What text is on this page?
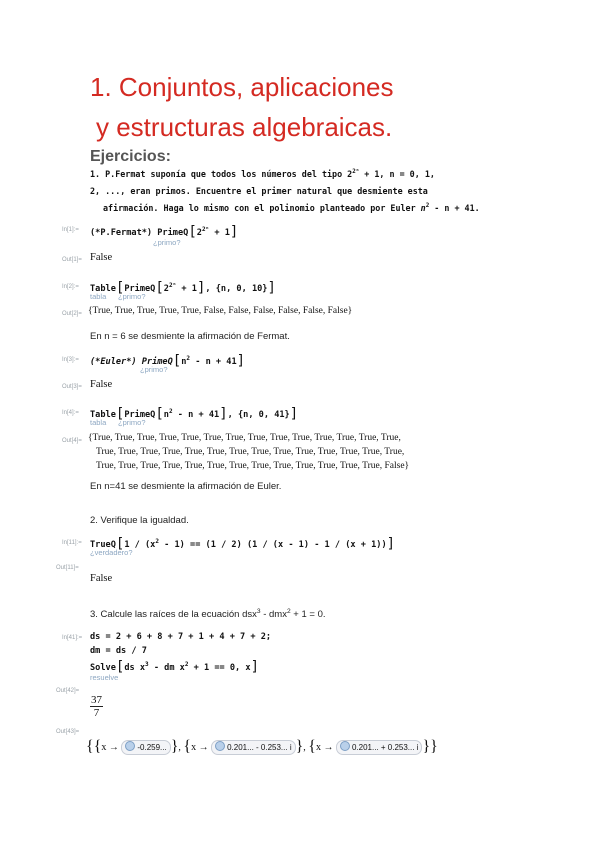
1. Conjuntos, aplicaciones
y estructuras algebraicas.
Ejercicios:
1. P.Fermat suponía que todos los números del tipo $2^{2^n} + 1$, n = 0, 1,
2, ..., eran primos. Encuentre el primer natural que desmiente esta
afirmación. Haga lo mismo con el polinomio planteado por Euler $n^2 - n + 41$.
In[1]:= (*P.Fermat*) $PrimeQ[2^{2^n} + 1]$
¿primo?
Out[1]= False
In[2]:= $Table[PrimeQ[2^{2^n} + 1]$, {n, 0, 10}]
tabla ¿primo?
Out[2]= {True, True, True, True, True, False, False, False, False, False, False}
En n = 6 se desmiente la afirmación de Fermat.
In[3]:= (*Euler*) $PrimeQ[n^2 - n + 41]$
¿primo?
Out[3]= False
In[4]:= $Table[PrimeQ[n^2 - n + 41]$, {n, 0, 41}]
tabla ¿primo?
Out[4]= {True, True, True, True, True, True, True, True, True, True, True, True, True, True,
True, True, True, True, True, True, True, True, True, True, True, True, True, True,
True, True, True, True, True, True, True, True, True, True, True, True, True, False}
En n=41 se desmiente la afirmación de Euler.
2. Verifique la igualdad.
In[11]:= TrueQ[1 / $(x^2 - 1) == (1 / 2)$ (1 / (x - 1) - 1 / (x + 1))]
¿verdadero?
Out[11]=
False
3. Calcule las raíces de la ecuación dsx$^3$ - dmx$^2$ + 1 = 0.
In[41]:= ds = 2 + 6 + 8 + 7 + 1 + 4 + 7 + 2;
dm = ds / 7
Solve[ds $x^3$ - dm $x^2 + 1 == 0$, x]
resuelve
Out[42]=
$\frac{37}{7}$
Out[43]=
{{x → -0.259... }, {x → 0.201... - 0.253... i }, {x → 0.201... + 0.253... i }}
